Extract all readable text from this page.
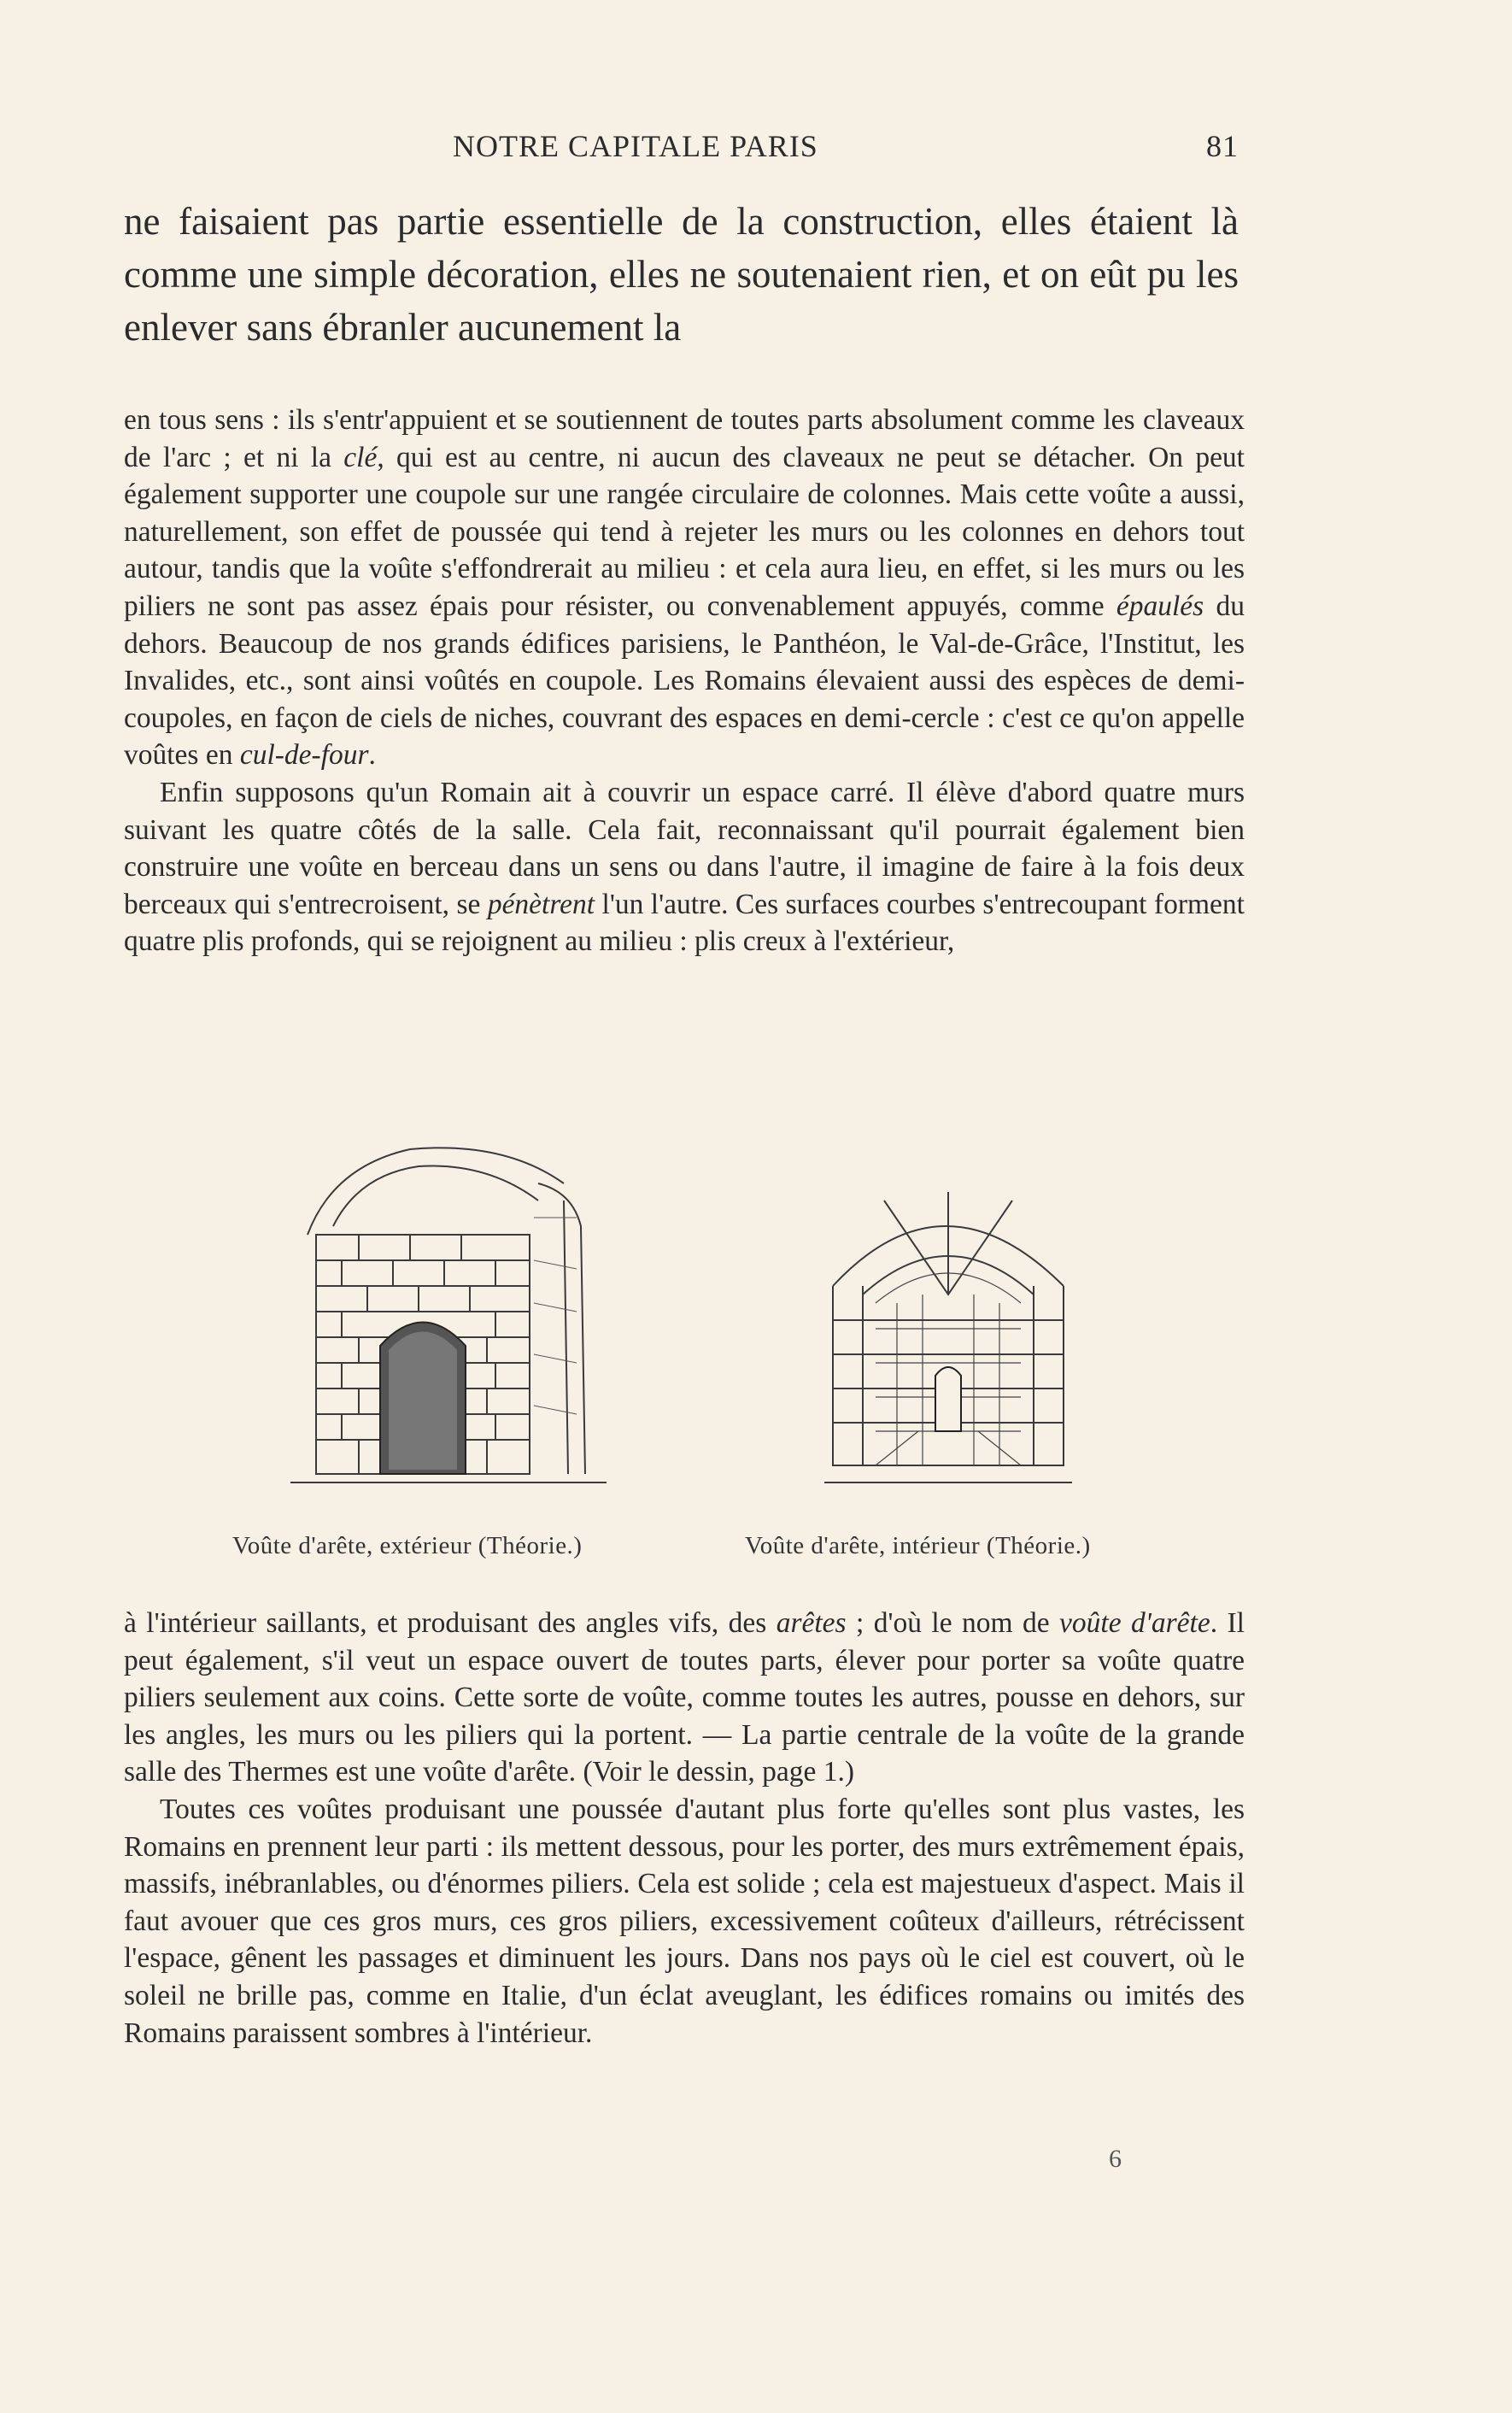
NOTRE CAPITALE PARIS	81
ne faisaient pas partie essentielle de la construction, elles étaient là comme une simple décoration, elles ne soutenaient rien, et on eût pu les enlever sans ébranler aucunement la

en tous sens : ils s'entr'appuient et se soutiennent de toutes parts absolument comme les claveaux de l'arc ; et ni la clé, qui est au centre, ni aucun des claveaux ne peut se détacher. On peut également supporter une coupole sur une rangée circulaire de colonnes. Mais cette voûte a aussi, naturellement, son effet de poussée qui tend à rejeter les murs ou les colonnes en dehors tout autour, tandis que la voûte s'effondrerait au milieu : et cela aura lieu, en effet, si les murs ou les piliers ne sont pas assez épais pour résister, ou convenablement appuyés, comme épaulés du dehors. Beaucoup de nos grands édifices parisiens, le Panthéon, le Val-de-Grâce, l'Institut, les Invalides, etc., sont ainsi voûtés en coupole. Les Romains élevaient aussi des espèces de demi-coupoles, en façon de ciels de niches, couvrant des espaces en demi-cercle : c'est ce qu'on appelle voûtes en cul-de-four.

Enfin supposons qu'un Romain ait à couvrir un espace carré. Il élève d'abord quatre murs suivant les quatre côtés de la salle. Cela fait, reconnaissant qu'il pourrait également bien construire une voûte en berceau dans un sens ou dans l'autre, il imagine de faire à la fois deux berceaux qui s'entrecroisent, se pénètrent l'un l'autre. Ces surfaces courbes s'entrecoupant forment quatre plis profonds, qui se rejoignent au milieu : plis creux à l'extérieur,

Voûte d'arête, extérieur (Théorie.)	Voûte d'arête, intérieur (Théorie.)

à l'intérieur saillants, et produisant des angles vifs, des arêtes ; d'où le nom de voûte d'arête. Il peut également, s'il veut un espace ouvert de toutes parts, élever pour porter sa voûte quatre piliers seulement aux coins. Cette sorte de voûte, comme toutes les autres, pousse en dehors, sur les angles, les murs ou les piliers qui la portent. — La partie centrale de la voûte de la grande salle des Thermes est une voûte d'arête. (Voir le dessin, page 1.)

Toutes ces voûtes produisant une poussée d'autant plus forte qu'elles sont plus vastes, les Romains en prennent leur parti : ils mettent dessous, pour les porter, des murs extrêmement épais, massifs, inébranlables, ou d'énormes piliers. Cela est solide ; cela est majestueux d'aspect. Mais il faut avouer que ces gros murs, ces gros piliers, excessivement coûteux d'ailleurs, rétrécissent l'espace, gênent les passages et diminuent les jours. Dans nos pays où le ciel est couvert, où le soleil ne brille pas, comme en Italie, d'un éclat aveuglant, les édifices romains ou imités des Romains paraissent sombres à l'intérieur.

6
